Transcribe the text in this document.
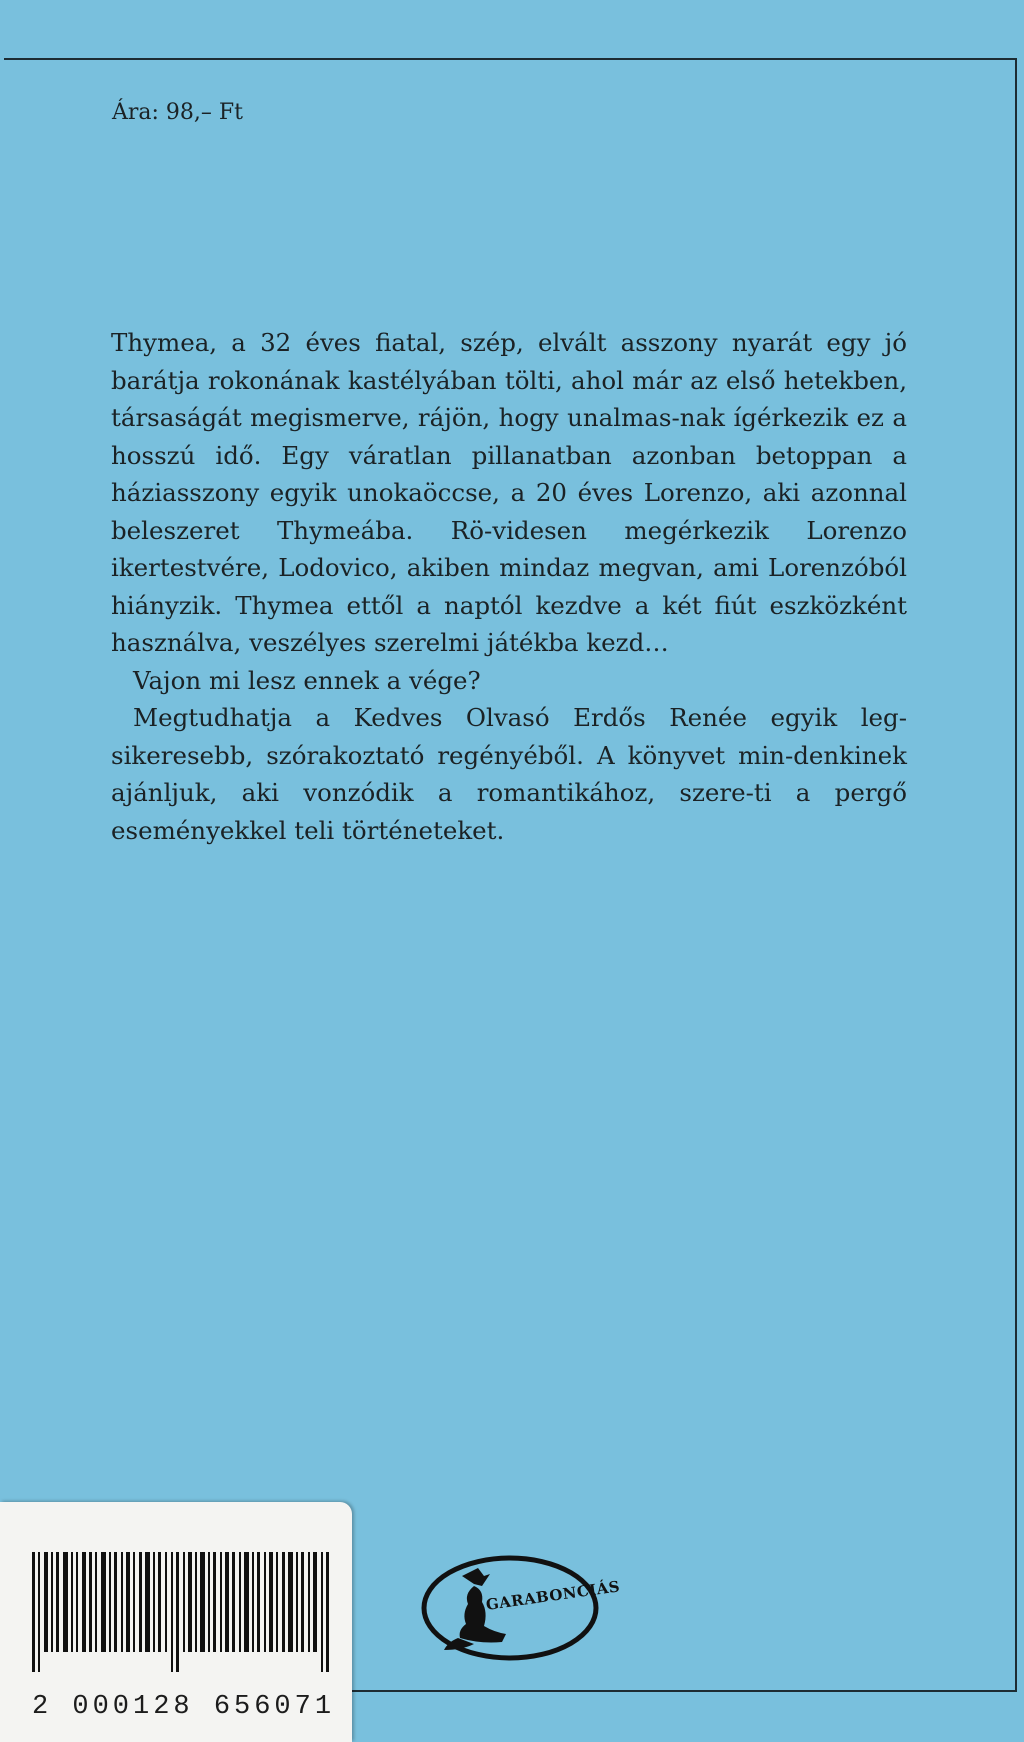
Ára: 98,– Ft

Thymea, a 32 éves fiatal, szép, elvált asszony nyarát egy jó barátja rokonának kastélyában tölti, ahol már az első hetekben, társaságát megismerve, rájön, hogy unalmas-nak ígérkezik ez a hosszú idő. Egy váratlan pillanatban azonban betoppan a háziasszony egyik unokaöccse, a 20 éves Lorenzo, aki azonnal beleszeret Thymeába. Rö-videsen megérkezik Lorenzo ikertestvére, Lodovico, akiben mindaz megvan, ami Lorenzóból hiányzik. Thymea ettől a naptól kezdve a két fiút eszközként használva, veszélyes szerelmi játékba kezd…

Vajon mi lesz ennek a vége?

Megtudhatja a Kedves Olvasó Erdős Renée egyik leg-sikeresebb, szórakoztató regényéből. A könyvet min-denkinek ajánljuk, aki vonzódik a romantikához, szere-ti a pergő eseményekkel teli történeteket.

2 000128 656071
GARABONCIÁS
